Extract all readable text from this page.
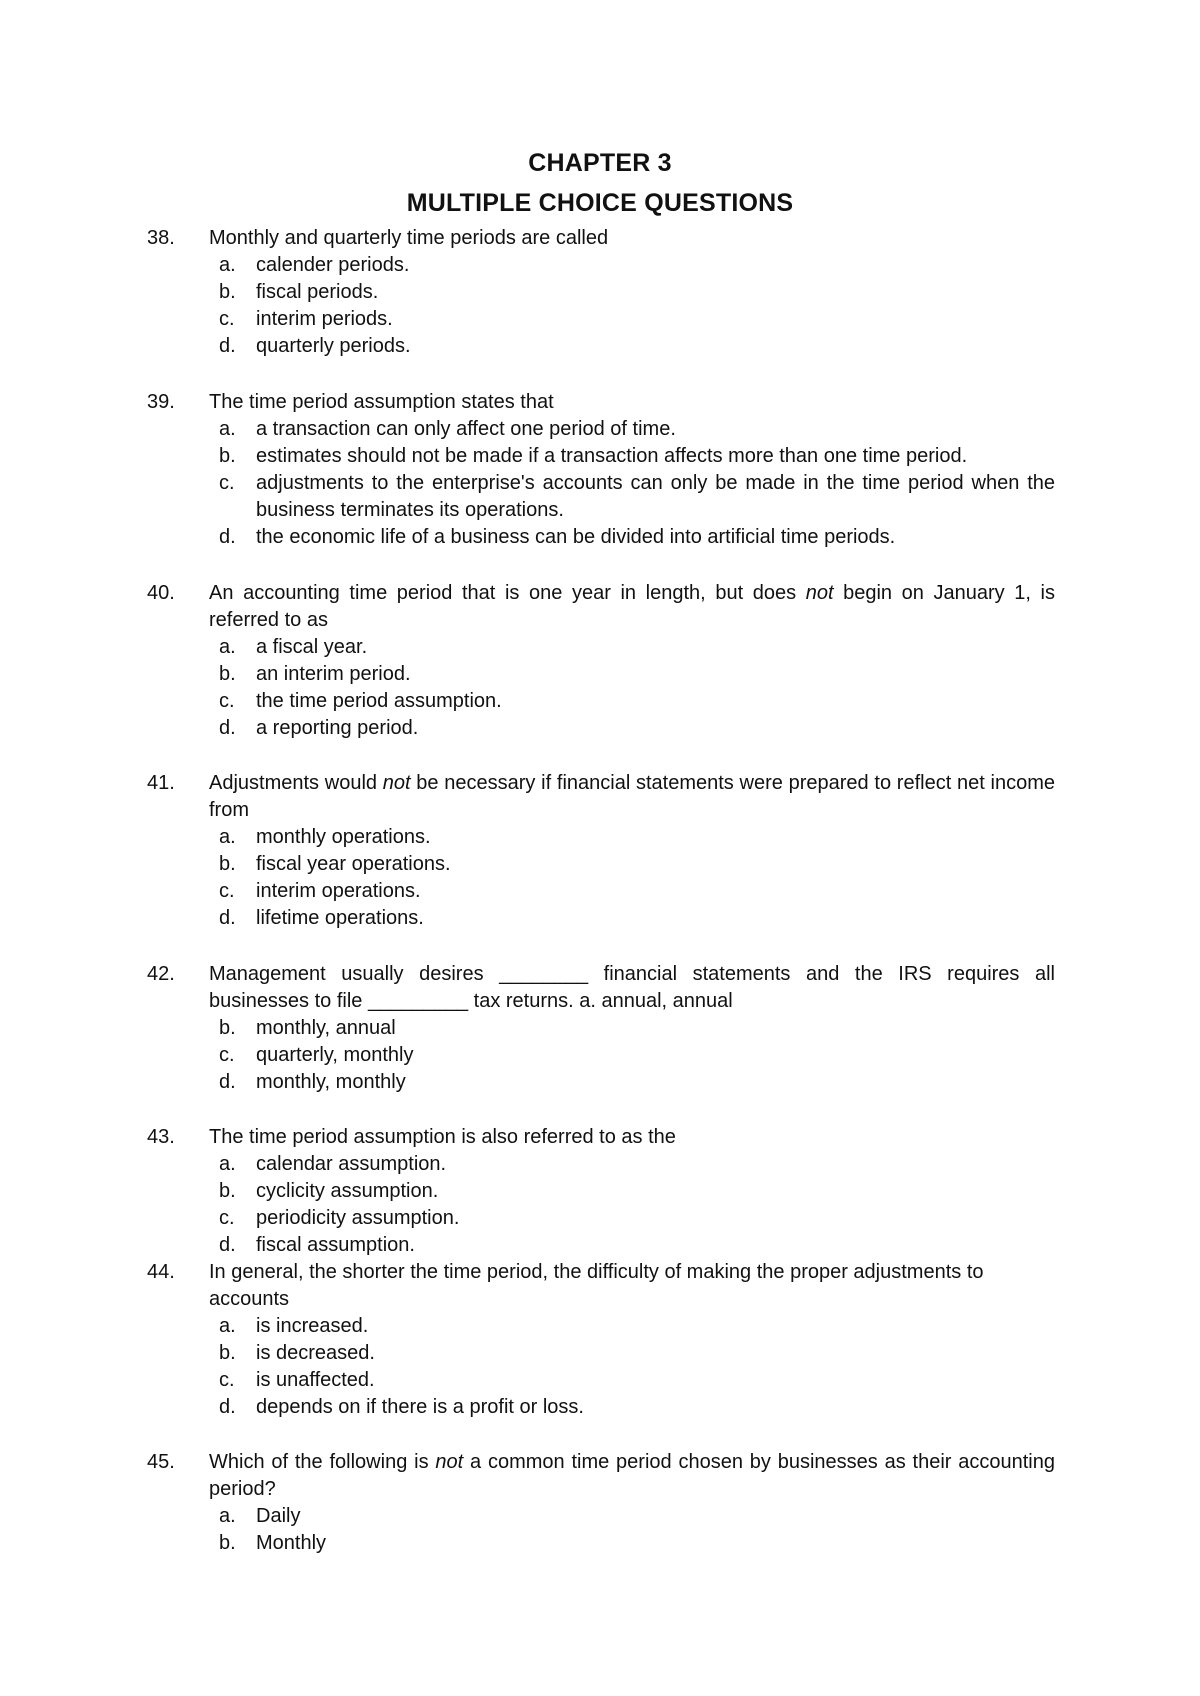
CHAPTER 3
MULTIPLE CHOICE QUESTIONS
38. Monthly and quarterly time periods are called
a. calender periods.
b. fiscal periods.
c. interim periods.
d. quarterly periods.
39. The time period assumption states that
a. a transaction can only affect one period of time.
b. estimates should not be made if a transaction affects more than one time period.
c. adjustments to the enterprise's accounts can only be made in the time period when the business terminates its operations.
d. the economic life of a business can be divided into artificial time periods.
40. An accounting time period that is one year in length, but does not begin on January 1, is referred to as
a. a fiscal year.
b. an interim period.
c. the time period assumption.
d. a reporting period.
41. Adjustments would not be necessary if financial statements were prepared to reflect net income from
a. monthly operations.
b. fiscal year operations.
c. interim operations.
d. lifetime operations.
42. Management usually desires ________ financial statements and the IRS requires all businesses to file _________ tax returns. a. annual, annual
b. monthly, annual
c. quarterly, monthly
d. monthly, monthly
43. The time period assumption is also referred to as the
a. calendar assumption.
b. cyclicity assumption.
c. periodicity assumption.
d. fiscal assumption.
44. In general, the shorter the time period, the difficulty of making the proper adjustments to accounts
a. is increased.
b. is decreased.
c. is unaffected.
d. depends on if there is a profit or loss.
45. Which of the following is not a common time period chosen by businesses as their accounting period?
a. Daily
b. Monthly
